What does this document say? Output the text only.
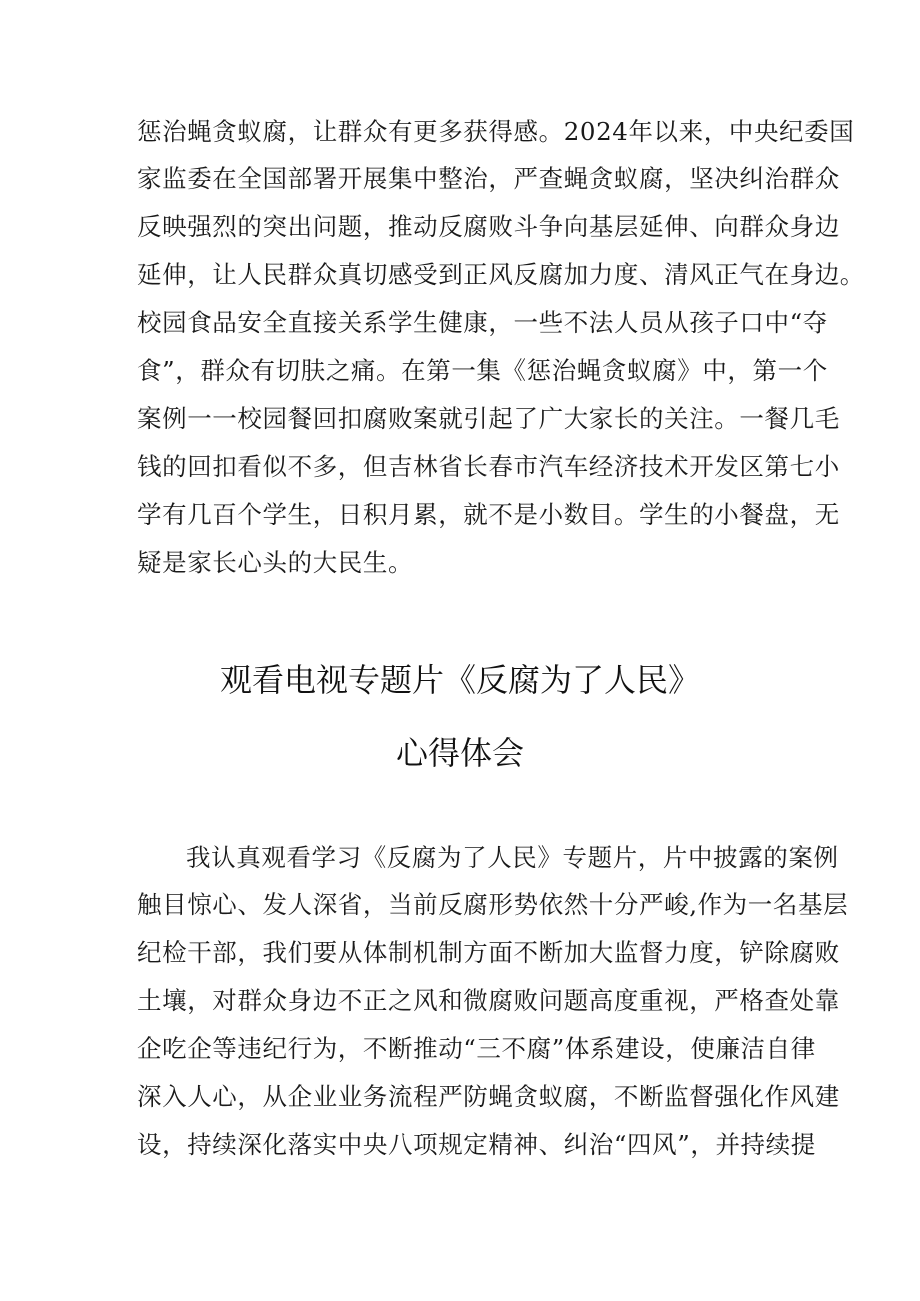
惩治蝇贪蚁腐，让群众有更多获得感。2024年以来，中央纪委国
家监委在全国部署开展集中整治，严查蝇贪蚁腐，坚决纠治群众
反映强烈的突出问题，推动反腐败斗争向基层延伸、向群众身边
延伸，让人民群众真切感受到正风反腐加力度、清风正气在身边。
校园食品安全直接关系学生健康，一些不法人员从孩子口中“夺
食”，群众有切肤之痛。在第一集《惩治蝇贪蚁腐》中，第一个
案例一一校园餐回扣腐败案就引起了广大家长的关注。一餐几毛
钱的回扣看似不多，但吉林省长春市汽车经济技术开发区第七小
学有几百个学生，日积月累，就不是小数目。学生的小餐盘，无
疑是家长心头的大民生。
观看电视专题片《反腐为了人民》
心得体会
我认真观看学习《反腐为了人民》专题片，片中披露的案例
触目惊心、发人深省，当前反腐形势依然十分严峻,作为一名基层
纪检干部，我们要从体制机制方面不断加大监督力度，铲除腐败
土壤，对群众身边不正之风和微腐败问题高度重视，严格查处靠
企吃企等违纪行为，不断推动“三不腐”体系建设，使廉洁自律
深入人心，从企业业务流程严防蝇贪蚁腐，不断监督强化作风建
设，持续深化落实中央八项规定精神、纠治“四风”，并持续提
